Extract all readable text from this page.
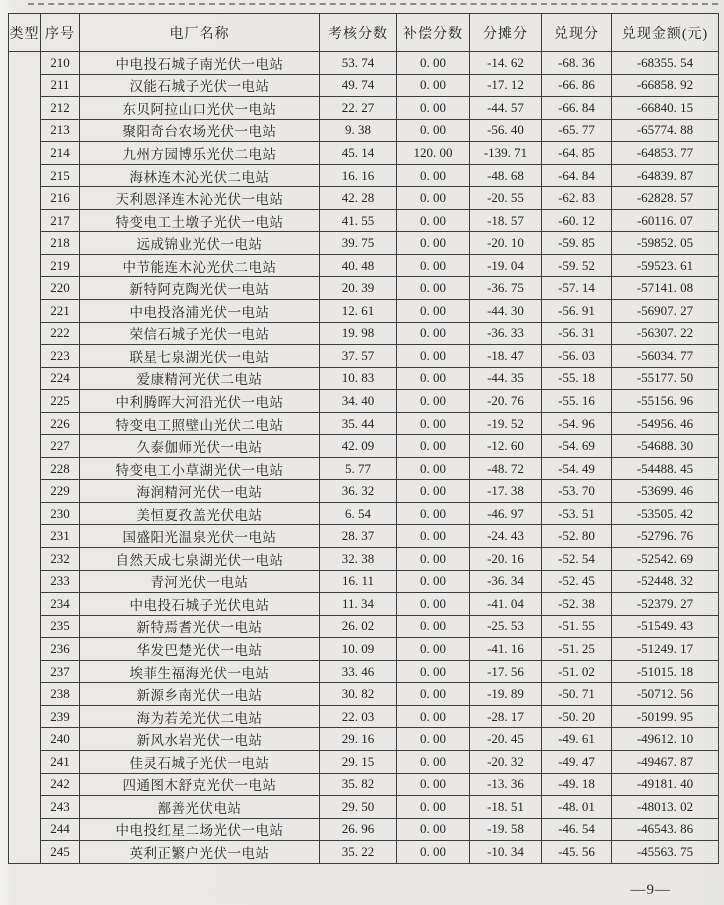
类型	序号	电厂名称	考核分数	补偿分数	分摊分	兑现分	兑现金额(元)
	210	中电投石城子南光伏一电站	53. 74	0. 00	-14. 62	-68. 36	-68355. 54
	211	汉能石城子光伏一电站	49. 74	0. 00	-17. 12	-66. 86	-66858. 92
	212	东贝阿拉山口光伏一电站	22. 27	0. 00	-44. 57	-66. 84	-66840. 15
	213	聚阳奇台农场光伏一电站	9. 38	0. 00	-56. 40	-65. 77	-65774. 88
	214	九州方园博乐光伏二电站	45. 14	120. 00	-139. 71	-64. 85	-64853. 77
	215	海林连木沁光伏二电站	16. 16	0. 00	-48. 68	-64. 84	-64839. 87
	216	天利恩泽连木沁光伏一电站	42. 28	0. 00	-20. 55	-62. 83	-62828. 57
	217	特变电工土墩子光伏一电站	41. 55	0. 00	-18. 57	-60. 12	-60116. 07
	218	远成锦业光伏一电站	39. 75	0. 00	-20. 10	-59. 85	-59852. 05
	219	中节能连木沁光伏二电站	40. 48	0. 00	-19. 04	-59. 52	-59523. 61
	220	新特阿克陶光伏一电站	20. 39	0. 00	-36. 75	-57. 14	-57141. 08
	221	中电投洛浦光伏一电站	12. 61	0. 00	-44. 30	-56. 91	-56907. 27
	222	荣信石城子光伏一电站	19. 98	0. 00	-36. 33	-56. 31	-56307. 22
	223	联星七泉湖光伏一电站	37. 57	0. 00	-18. 47	-56. 03	-56034. 77
	224	爱康精河光伏二电站	10. 83	0. 00	-44. 35	-55. 18	-55177. 50
	225	中利腾晖大河沿光伏一电站	34. 40	0. 00	-20. 76	-55. 16	-55156. 96
	226	特变电工照壁山光伏二电站	35. 44	0. 00	-19. 52	-54. 96	-54956. 46
	227	久泰伽师光伏一电站	42. 09	0. 00	-12. 60	-54. 69	-54688. 30
	228	特变电工小草湖光伏一电站	5. 77	0. 00	-48. 72	-54. 49	-54488. 45
	229	海润精河光伏一电站	36. 32	0. 00	-17. 38	-53. 70	-53699. 46
	230	美恒夏孜盖光伏电站	6. 54	0. 00	-46. 97	-53. 51	-53505. 42
	231	国盛阳光温泉光伏一电站	28. 37	0. 00	-24. 43	-52. 80	-52796. 76
	232	自然天成七泉湖光伏一电站	32. 38	0. 00	-20. 16	-52. 54	-52542. 69
	233	青河光伏一电站	16. 11	0. 00	-36. 34	-52. 45	-52448. 32
	234	中电投石城子光伏电站	11. 34	0. 00	-41. 04	-52. 38	-52379. 27
	235	新特焉耆光伏一电站	26. 02	0. 00	-25. 53	-51. 55	-51549. 43
	236	华发巴楚光伏一电站	10. 09	0. 00	-41. 16	-51. 25	-51249. 17
	237	埃菲生福海光伏一电站	33. 46	0. 00	-17. 56	-51. 02	-51015. 18
	238	新源乡南光伏一电站	30. 82	0. 00	-19. 89	-50. 71	-50712. 56
	239	海为若羌光伏二电站	22. 03	0. 00	-28. 17	-50. 20	-50199. 95
	240	新风水岩光伏一电站	29. 16	0. 00	-20. 45	-49. 61	-49612. 10
	241	佳灵石城子光伏一电站	29. 15	0. 00	-20. 32	-49. 47	-49467. 87
	242	四通图木舒克光伏一电站	35. 82	0. 00	-13. 36	-49. 18	-49181. 40
	243	鄯善光伏电站	29. 50	0. 00	-18. 51	-48. 01	-48013. 02
	244	中电投红星二场光伏一电站	26. 96	0. 00	-19. 58	-46. 54	-46543. 86
	245	英利正繁户光伏一电站	35. 22	0. 00	-10. 34	-45. 56	-45563. 75
—9—
